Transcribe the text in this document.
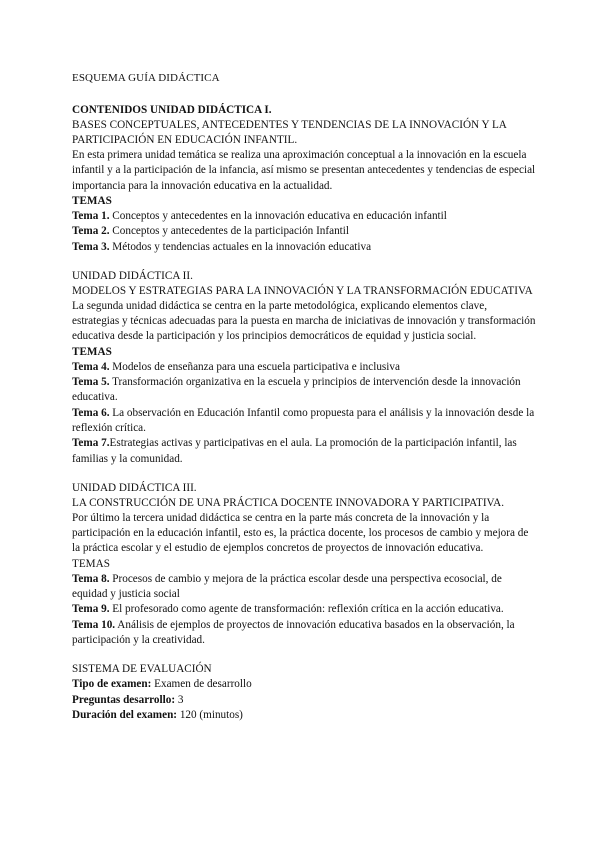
ESQUEMA GUÍA DIDÁCTICA

CONTENIDOS UNIDAD DIDÁCTICA I.

BASES CONCEPTUALES, ANTECEDENTES Y TENDENCIAS DE LA INNOVACIÓN Y LA PARTICIPACIÓN EN EDUCACIÓN INFANTIL.

En esta primera unidad temática se realiza una aproximación conceptual a la innovación en la escuela infantil y a la participación de la infancia, así mismo se presentan antecedentes y tendencias de especial importancia para la innovación educativa en la actualidad.

TEMAS

Tema 1. Conceptos y antecedentes en la innovación educativa en educación infantil

Tema 2. Conceptos y antecedentes de la participación Infantil

Tema 3. Métodos y tendencias actuales en la innovación educativa

UNIDAD DIDÁCTICA II.

MODELOS Y ESTRATEGIAS PARA LA INNOVACIÓN Y LA TRANSFORMACIÓN EDUCATIVA

La segunda unidad didáctica se centra en la parte metodológica, explicando elementos clave, estrategias y técnicas adecuadas para la puesta en marcha de iniciativas de innovación y transformación educativa desde la participación y los principios democráticos de equidad y justicia social.

TEMAS

Tema 4. Modelos de enseñanza para una escuela participativa e inclusiva

Tema 5. Transformación organizativa en la escuela y principios de intervención desde la innovación educativa.

Tema 6. La observación en Educación Infantil como propuesta para el análisis y la innovación desde la reflexión crítica.

Tema 7.Estrategias activas y participativas en el aula. La promoción de la participación infantil, las familias y la comunidad.

UNIDAD DIDÁCTICA III.

LA CONSTRUCCIÓN DE UNA PRÁCTICA DOCENTE INNOVADORA Y PARTICIPATIVA.

Por último la tercera unidad didáctica se centra en la parte más concreta de la innovación y la participación en la educación infantil, esto es, la práctica docente, los procesos de cambio y mejora de la práctica escolar y el estudio de ejemplos concretos de proyectos de innovación educativa.

TEMAS

Tema 8. Procesos de cambio y mejora de la práctica escolar desde una perspectiva ecosocial, de equidad y justicia social

Tema 9. El profesorado como agente de transformación: reflexión crítica en la acción educativa.

Tema 10. Análisis de ejemplos de proyectos de innovación educativa basados en la observación, la participación y la creatividad.

SISTEMA DE EVALUACIÓN

Tipo de examen: Examen de desarrollo

Preguntas desarrollo: 3

Duración del examen: 120 (minutos)
